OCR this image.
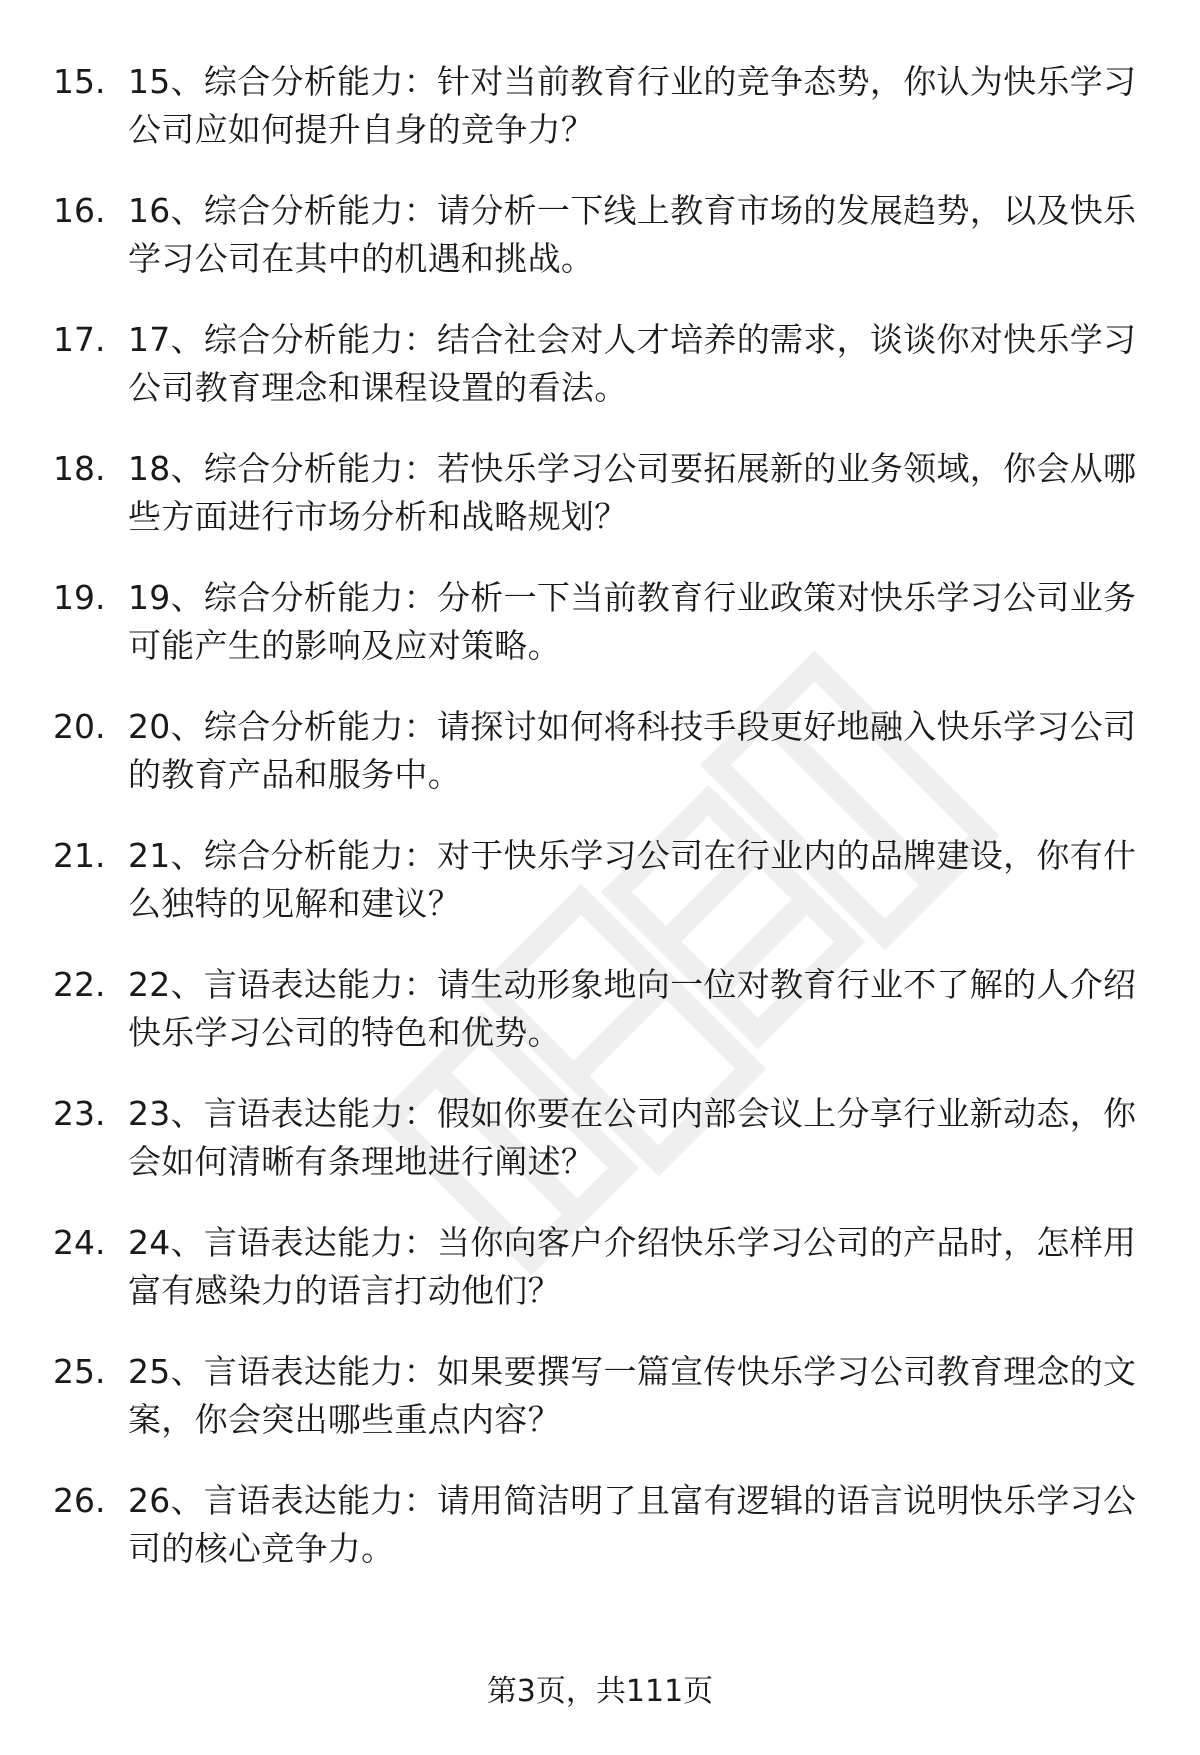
15. 15、综合分析能力：针对当前教育行业的竞争态势，你认为快乐学习公司应如何提升自身的竞争力？
16. 16、综合分析能力：请分析一下线上教育市场的发展趋势，以及快乐学习公司在其中的机遇和挑战。
17. 17、综合分析能力：结合社会对人才培养的需求，谈谈你对快乐学习公司教育理念和课程设置的看法。
18. 18、综合分析能力：若快乐学习公司要拓展新的业务领域，你会从哪些方面进行市场分析和战略规划？
19. 19、综合分析能力：分析一下当前教育行业政策对快乐学习公司业务可能产生的影响及应对策略。
20. 20、综合分析能力：请探讨如何将科技手段更好地融入快乐学习公司的教育产品和服务中。
21. 21、综合分析能力：对于快乐学习公司在行业内的品牌建设，你有什么独特的见解和建议？
22. 22、言语表达能力：请生动形象地向一位对教育行业不了解的人介绍快乐学习公司的特色和优势。
23. 23、言语表达能力：假如你要在公司内部会议上分享行业新动态，你会如何清晰有条理地进行阐述？
24. 24、言语表达能力：当你向客户介绍快乐学习公司的产品时，怎样用富有感染力的语言打动他们？
25. 25、言语表达能力：如果要撰写一篇宣传快乐学习公司教育理念的文案，你会突出哪些重点内容？
26. 26、言语表达能力：请用简洁明了且富有逻辑的语言说明快乐学习公司的核心竞争力。
第3页，共111页
